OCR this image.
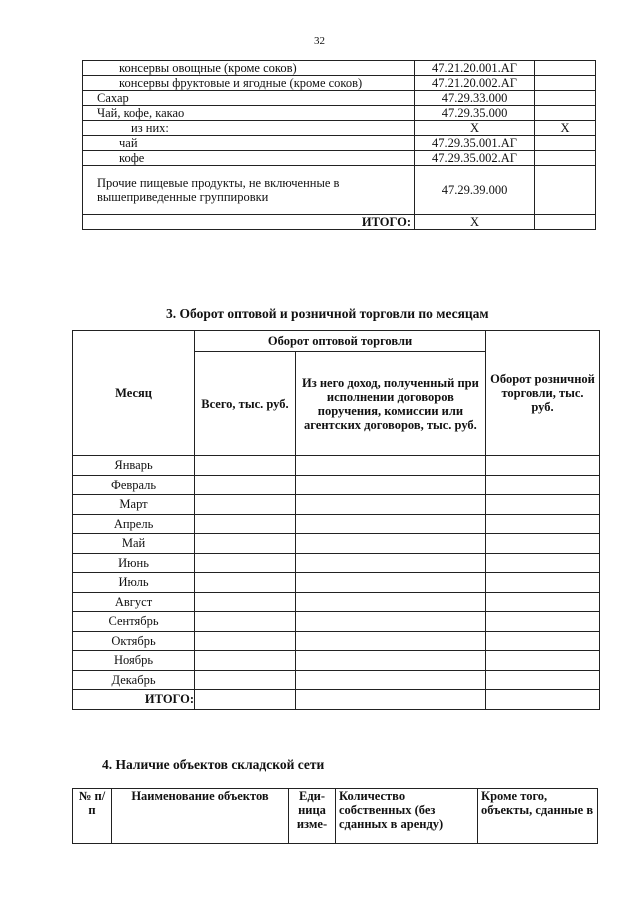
32
консервы овощные (кроме соков)	47.21.20.001.АГ	
консервы фруктовые и ягодные (кроме соков)	47.21.20.002.АГ	
Сахар	47.29.33.000	
Чай, кофе, какао	47.29.35.000	
из них:	Х	Х
чай	47.29.35.001.АГ	
кофе	47.29.35.002.АГ	
Прочие пищевые продукты, не включенные в вышеприведенные группировки	47.29.39.000	
ИТОГО:	Х	
3. Оборот оптовой и розничной торговли по месяцам
Месяц	Оборот оптовой торговли		Оборот розничной торговли, тыс. руб.
	Всего, тыс. руб.	Из него доход, полученный при исполнении договоров поручения, комиссии или агентских договоров, тыс. руб.	
Январь			
Февраль			
Март			
Апрель			
Май			
Июнь			
Июль			
Август			
Сентябрь			
Октябрь			
Ноябрь			
Декабрь			
ИТОГО:			
4. Наличие объектов складской сети
№ п/п	Наименование объектов	Еди- ница изме-	Количество собственных (без сданных в аренду)	Кроме того, объекты, сданные в
